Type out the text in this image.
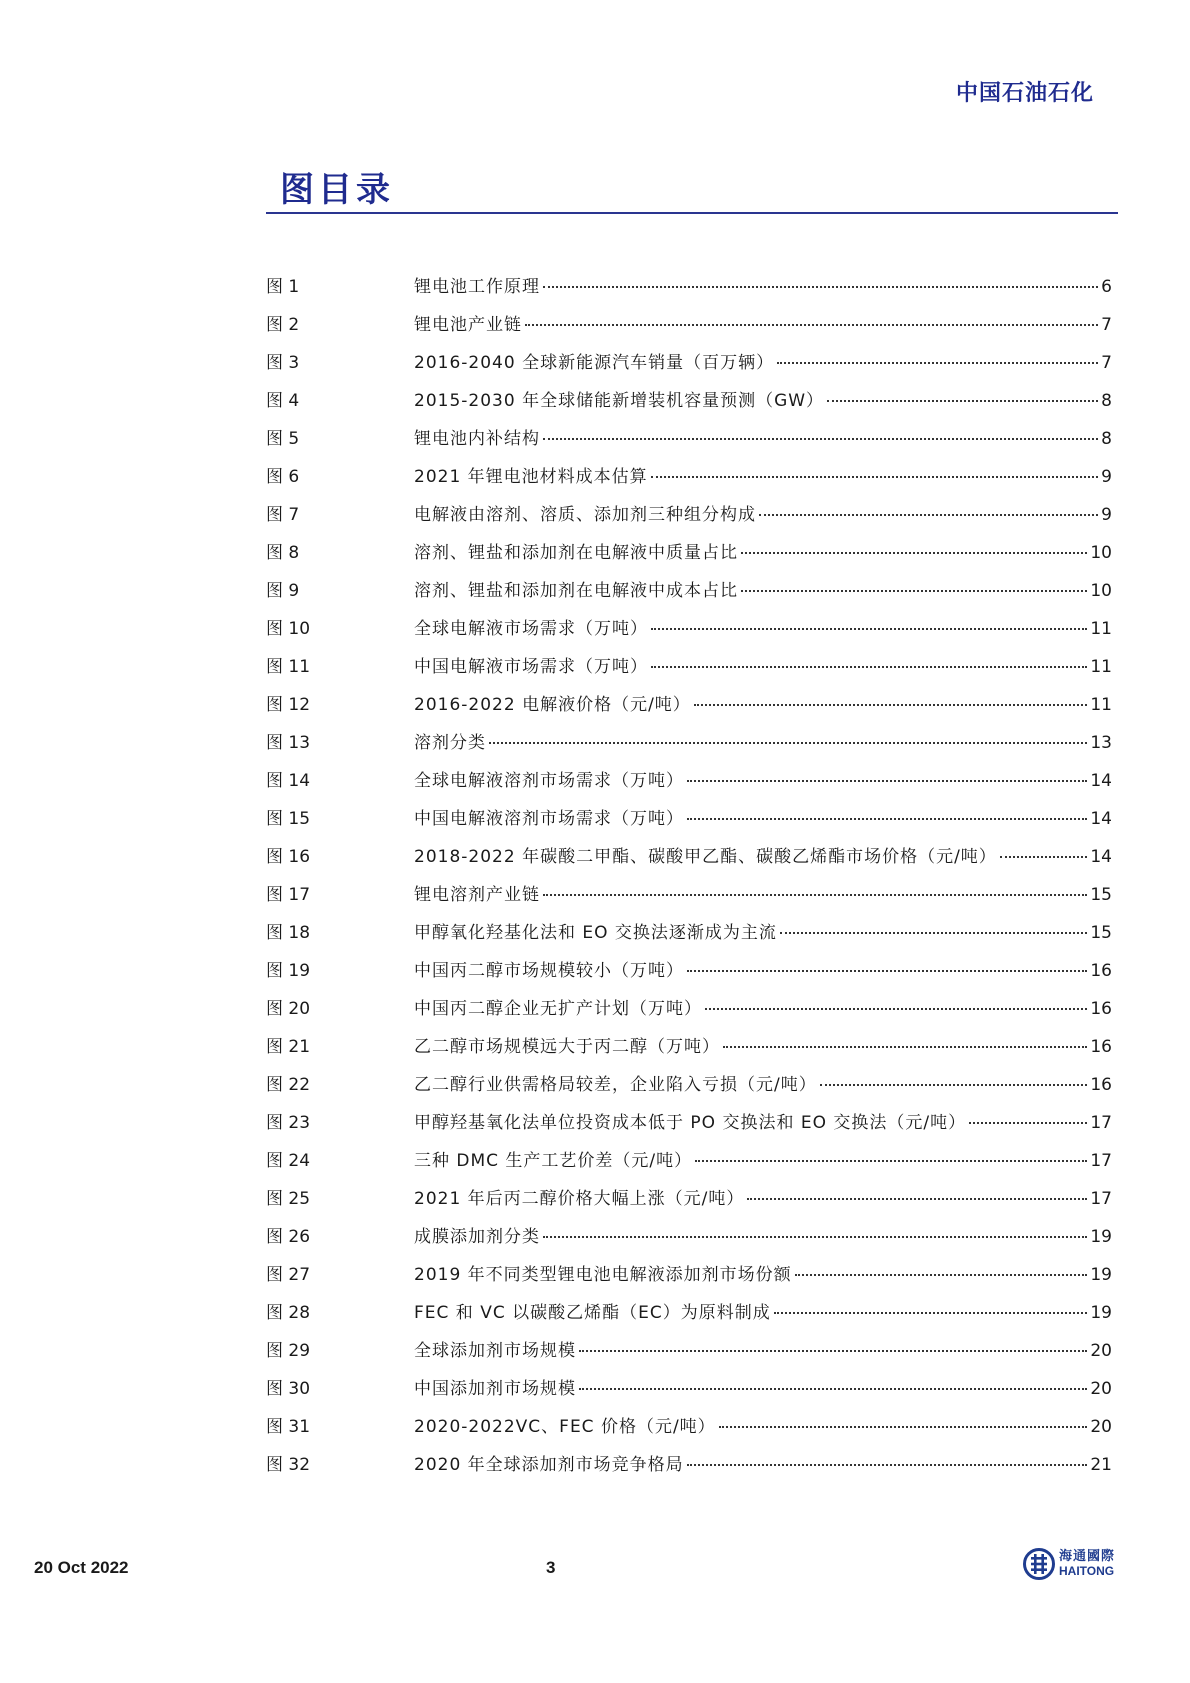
中国石油石化
图目录
图 1	锂电池工作原理	6
图 2	锂电池产业链	7
图 3	2016-2040 全球新能源汽车销量（百万辆）	7
图 4	2015-2030 年全球储能新增装机容量预测（GW）	8
图 5	锂电池内补结构	8
图 6	2021 年锂电池材料成本估算	9
图 7	电解液由溶剂、溶质、添加剂三种组分构成	9
图 8	溶剂、锂盐和添加剂在电解液中质量占比	10
图 9	溶剂、锂盐和添加剂在电解液中成本占比	10
图 10	全球电解液市场需求（万吨）	11
图 11	中国电解液市场需求（万吨）	11
图 12	2016-2022 电解液价格（元/吨）	11
图 13	溶剂分类	13
图 14	全球电解液溶剂市场需求（万吨）	14
图 15	中国电解液溶剂市场需求（万吨）	14
图 16	2018-2022 年碳酸二甲酯、碳酸甲乙酯、碳酸乙烯酯市场价格（元/吨）	14
图 17	锂电溶剂产业链	15
图 18	甲醇氧化羟基化法和 EO 交换法逐渐成为主流	15
图 19	中国丙二醇市场规模较小（万吨）	16
图 20	中国丙二醇企业无扩产计划（万吨）	16
图 21	乙二醇市场规模远大于丙二醇（万吨）	16
图 22	乙二醇行业供需格局较差，企业陷入亏损（元/吨）	16
图 23	甲醇羟基氧化法单位投资成本低于 PO 交换法和 EO 交换法（元/吨）	17
图 24	三种 DMC 生产工艺价差（元/吨）	17
图 25	2021 年后丙二醇价格大幅上涨（元/吨）	17
图 26	成膜添加剂分类	19
图 27	2019 年不同类型锂电池电解液添加剂市场份额	19
图 28	FEC 和 VC 以碳酸乙烯酯（EC）为原料制成	19
图 29	全球添加剂市场规模	20
图 30	中国添加剂市场规模	20
图 31	2020-2022VC、FEC 价格（元/吨）	20
图 32	2020 年全球添加剂市场竞争格局	21
20 Oct 2022	3
海通國際
HAITONG
